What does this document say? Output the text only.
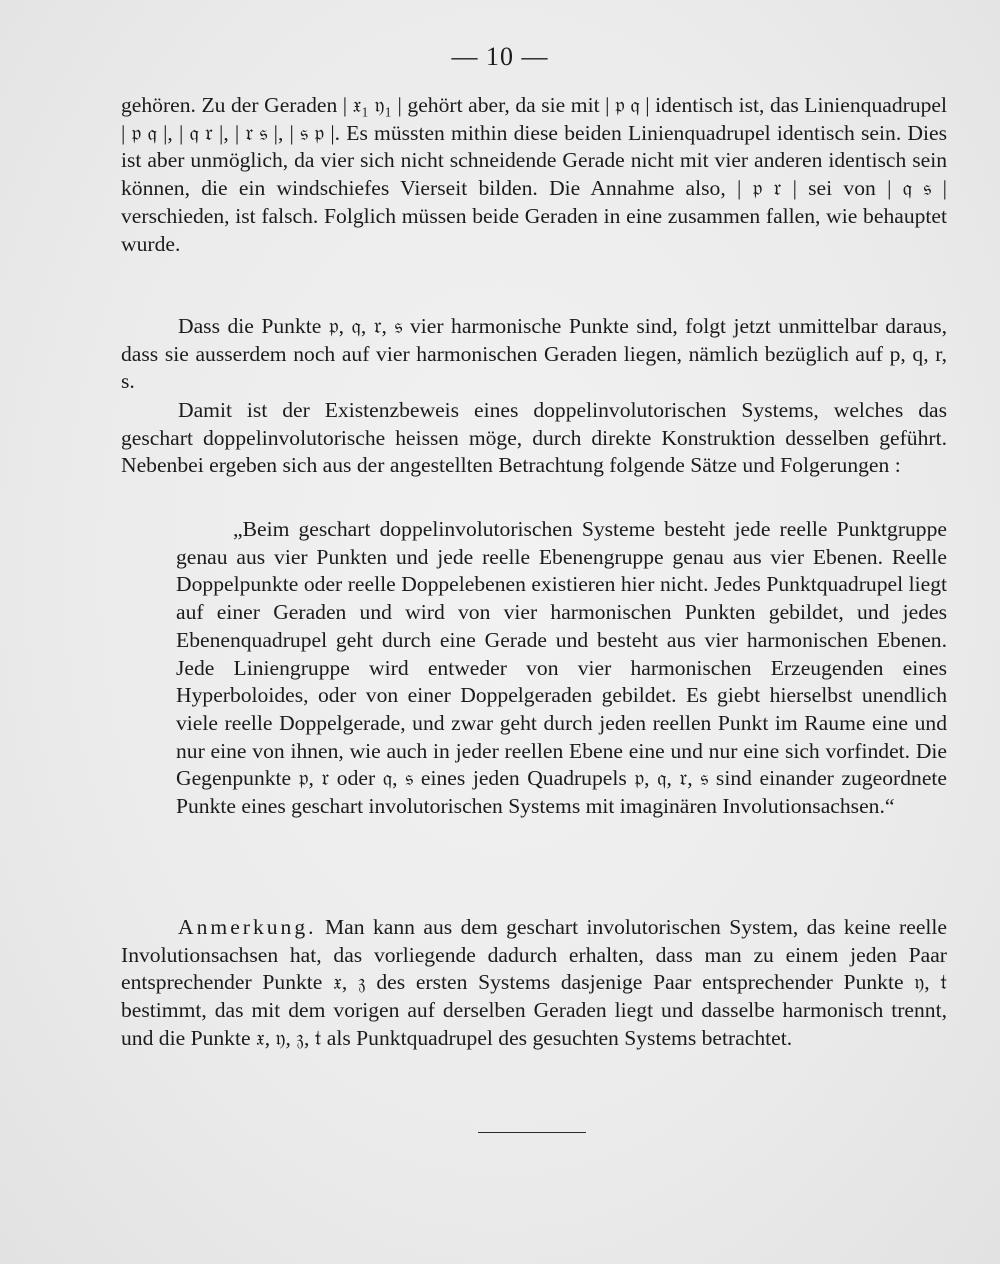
— 10 —

gehören. Zu der Geraden | 𝔵₁ 𝔶₁ | gehört aber, da sie mit | 𝔭 𝔮 | identisch ist, das Linienquadrupel | 𝔭 𝔮 |, | 𝔮 𝔯 |, | 𝔯 𝔰 |, | 𝔰 𝔭 |. Es müssten mithin diese beiden Linienquadrupel identisch sein. Dies ist aber unmöglich, da vier sich nicht schneidende Gerade nicht mit vier anderen identisch sein können, die ein windschiefes Vierseit bilden. Die Annahme also, | 𝔭 𝔯 | sei von | 𝔮 𝔰 | verschieden, ist falsch. Folglich müssen beide Geraden in eine zusammen fallen, wie behauptet wurde.

Dass die Punkte 𝔭, 𝔮, 𝔯, 𝔰 vier harmonische Punkte sind, folgt jetzt unmittelbar daraus, dass sie ausserdem noch auf vier harmonischen Geraden liegen, nämlich bezüglich auf p, q, r, s.

Damit ist der Existenzbeweis eines doppelinvolutorischen Systems, welches das geschart doppelinvolutorische heissen möge, durch direkte Konstruktion desselben geführt. Nebenbei ergeben sich aus der angestellten Betrachtung folgende Sätze und Folgerungen :

„Beim geschart doppelinvolutorischen Systeme besteht jede reelle Punktgruppe genau aus vier Punkten und jede reelle Ebenengruppe genau aus vier Ebenen. Reelle Doppelpunkte oder reelle Doppelebenen existieren hier nicht. Jedes Punktquadrupel liegt auf einer Geraden und wird von vier harmonischen Punkten gebildet, und jedes Ebenenquadrupel geht durch eine Gerade und besteht aus vier harmonischen Ebenen. Jede Liniengruppe wird entweder von vier harmonischen Erzeugenden eines Hyperboloides, oder von einer Doppelgeraden gebildet. Es giebt hierselbst unendlich viele reelle Doppelgerade, und zwar geht durch jeden reellen Punkt im Raume eine und nur eine von ihnen, wie auch in jeder reellen Ebene eine und nur eine sich vorfindet. Die Gegenpunkte 𝔭, 𝔯 oder 𝔮, 𝔰 eines jeden Quadrupels 𝔭, 𝔮, 𝔯, 𝔰 sind einander zugeordnete Punkte eines geschart involutorischen Systems mit imaginären Involutionsachsen.“

Anmerkung. Man kann aus dem geschart involutorischen System, das keine reelle Involutionsachsen hat, das vorliegende dadurch erhalten, dass man zu einem jeden Paar entsprechender Punkte 𝔵, 𝔷 des ersten Systems dasjenige Paar entsprechender Punkte 𝔶, 𝔱 bestimmt, das mit dem vorigen auf derselben Geraden liegt und dasselbe harmonisch trennt, und die Punkte 𝔵, 𝔶, 𝔷, 𝔱 als Punktquadrupel des gesuchten Systems betrachtet.
